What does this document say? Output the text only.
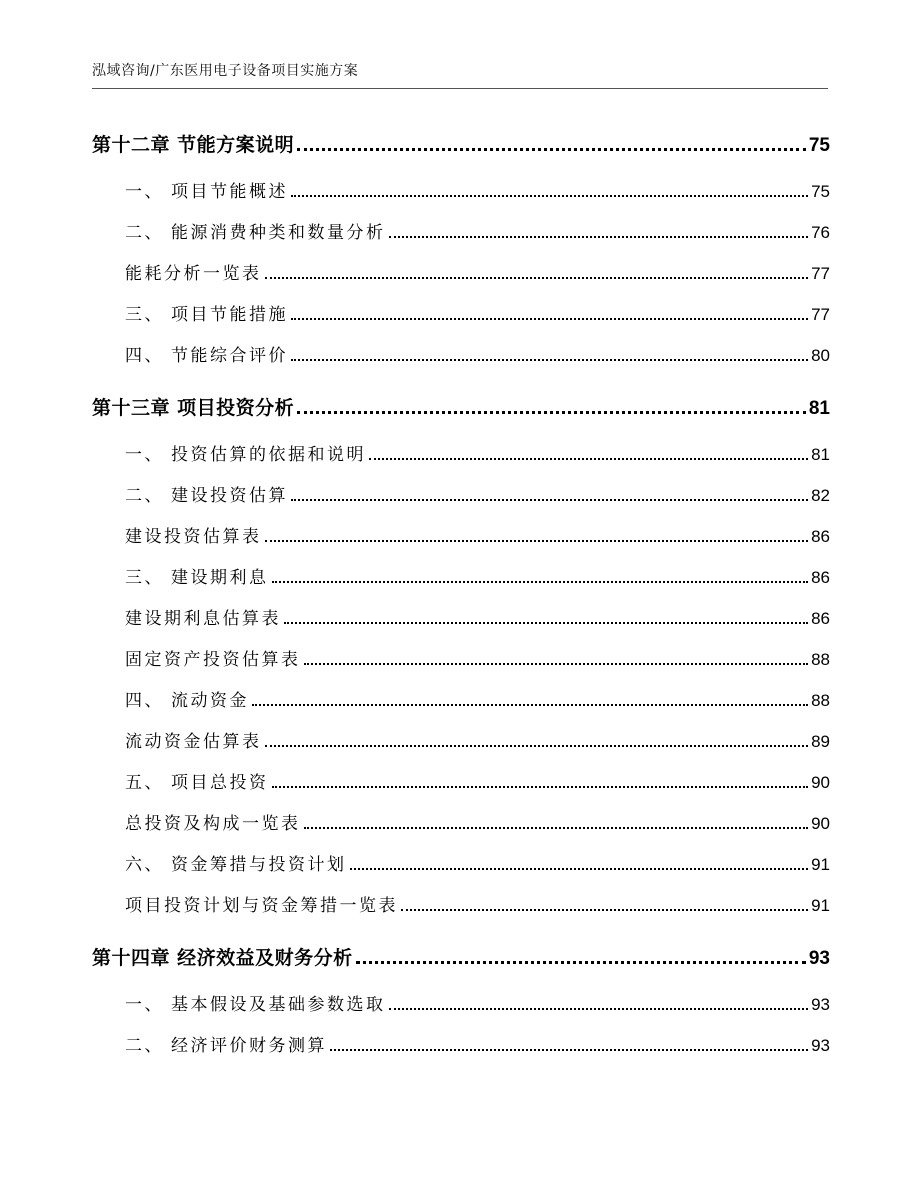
泓域咨询/广东医用电子设备项目实施方案
第十二章 节能方案说明	75
一、 项目节能概述	75
二、 能源消费种类和数量分析	76
能耗分析一览表	77
三、 项目节能措施	77
四、 节能综合评价	80
第十三章 项目投资分析	81
一、 投资估算的依据和说明	81
二、 建设投资估算	82
建设投资估算表	86
三、 建设期利息	86
建设期利息估算表	86
固定资产投资估算表	88
四、 流动资金	88
流动资金估算表	89
五、 项目总投资	90
总投资及构成一览表	90
六、 资金筹措与投资计划	91
项目投资计划与资金筹措一览表	91
第十四章 经济效益及财务分析	93
一、 基本假设及基础参数选取	93
二、 经济评价财务测算	93
